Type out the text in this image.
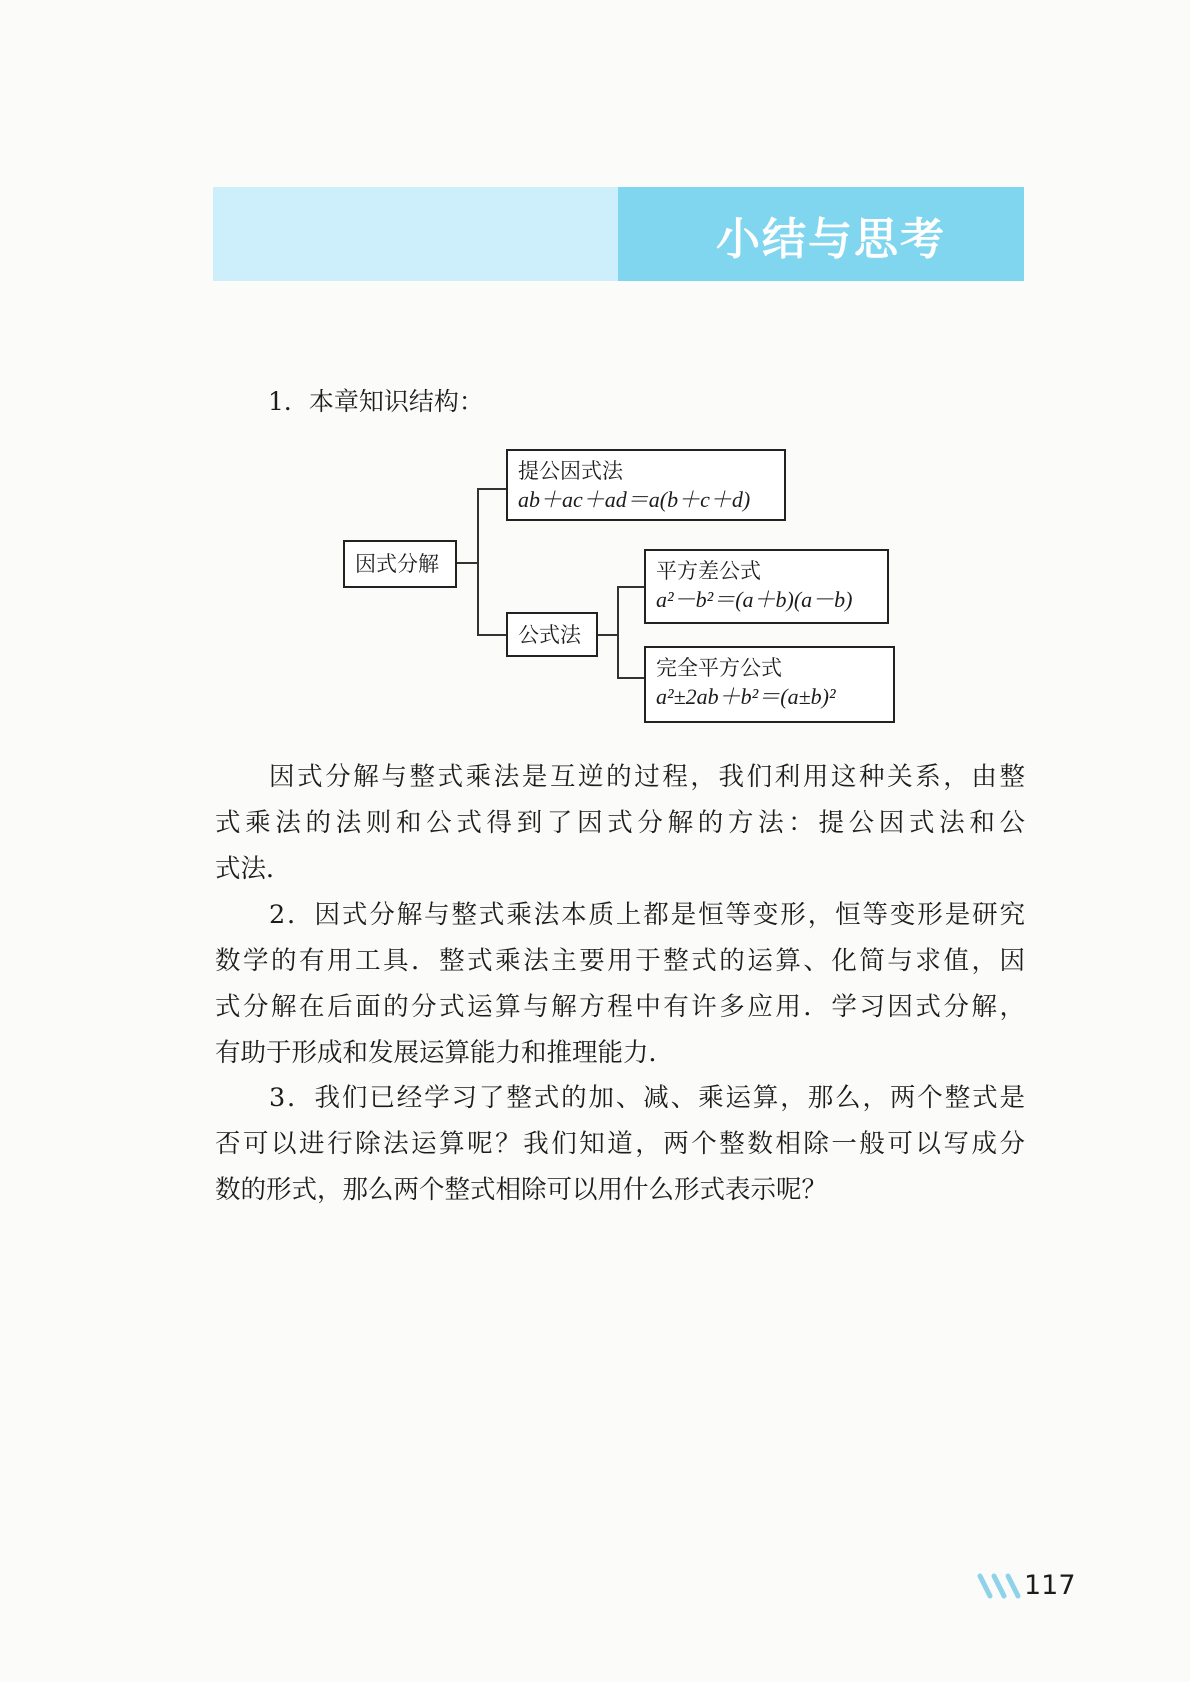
小结与思考
1．本章知识结构：
因式分解
提公因式法
ab＋ac＋ad＝a(b＋c＋d)
公式法
平方差公式
a²－b²＝(a＋b)(a－b)
完全平方公式
a²±2ab＋b²＝(a±b)²
因式分解与整式乘法是互逆的过程，我们利用这种关系，由整
式乘法的法则和公式得到了因式分解的方法：提公因式法和公
式法．
2．因式分解与整式乘法本质上都是恒等变形，恒等变形是研究
数学的有用工具．整式乘法主要用于整式的运算、化简与求值，因
式分解在后面的分式运算与解方程中有许多应用．学习因式分解，
有助于形成和发展运算能力和推理能力．
3．我们已经学习了整式的加、减、乘运算，那么，两个整式是
否可以进行除法运算呢？我们知道，两个整数相除一般可以写成分
数的形式，那么两个整式相除可以用什么形式表示呢？
117
